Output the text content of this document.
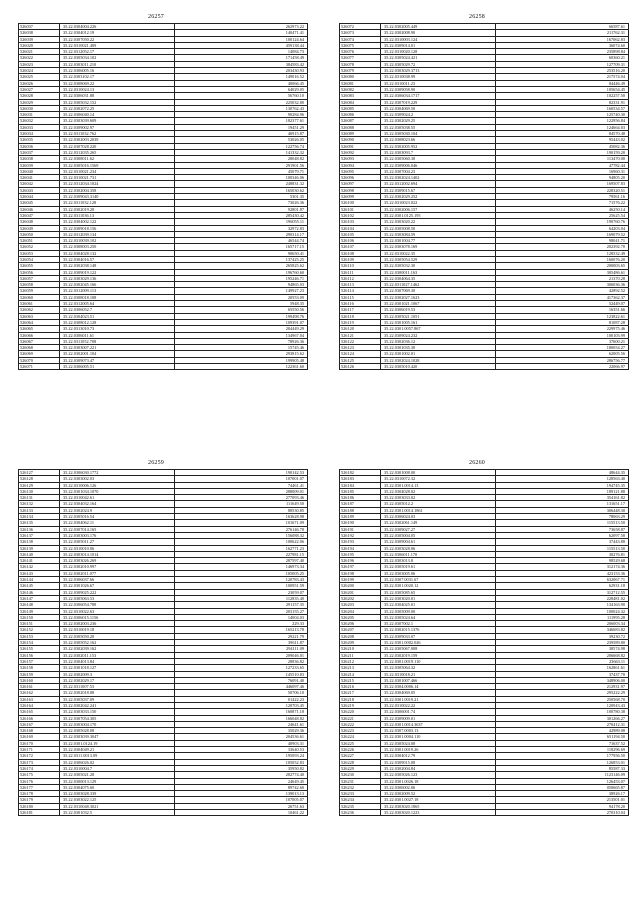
26257
526037	35.22.0304004.226	262973.22
526038	35.22.0304012.19	140471.41
526039	35.22.0307050.22	100124.64
526020	35.22.0310021.409	459138.44
526021	35.22.0312052.17	14084.73
526022	35.22.0305034.102	171458.49
526023	35.22.0303011.210	384583.42
526024	35.22.0306005.16	203430.93
526025	35.22.0303102.17	149016.52
526026	35.22.0308069.22	40066.45
526027	35.22.0310024.13	64029.05
526028	35.22.0306031.88	56760.10
526029	35.22.0305032.152	225032.80
526030	35.22.0302072.25	130762.43
526031	35.22.0306040.14	90284.96
526032	35.22.0303039.609	182377.61
526033	35.22.0309002.97	19451.29
526034	35.22.0311032.762	46915.87
526035	35.22.0302003.2039	53026.05
526036	35.22.0307028.220	122756.74
526037	35.22.0312035.265	141332.32
526038	35.22.0308011.62	28048.82
526039	35.22.0305016.1569	291901.56
526040	35.22.0310021.234	45079.71
526041	35.22.0310021.731	100346.06
526042	35.22.0312034.1024	248831.32
526043	35.22.0302004.358	165030.62
526044	35.22.0309043.3140	5301.35
526045	35.22.0311032.128	73026.36
526046	35.22.0302019.28	92801.87
526047	35.22.0311036.13	285430.42
526048	35.22.0304002.122	196055.11
526049	35.22.0309018.156	32972.83
526050	35.22.0312039.134	290314.17
526051	35.22.0310039.102	46544.74
526052	35.22.0308003.250	165717.15
526053	35.22.0304028.132	90650.41
526054	35.22.0304016.57	137425.25
526055	35.22.0302038.148	265825.62
526056	35.22.0309019.122	196760.60
526057	35.22.0303029.136	195246.71
526058	35.22.0302045.166	94865.03
526059	35.22.0312009.113	149927.23
526060	35.22.0308018.108	20553.09
526061	35.22.0312005.64	5948.35
526062	35.22.0306052.7	65550.56
526063	35.22.0304023.51	199498.76
526064	35.22.0308012.128	109391.07
526065	35.22.0313010.73	204449.29
526066	35.22.0306011.61	134967.04
526067	35.22.0311052.708	78926.36
526068	35.22.0303007.221	15745.46
526069	35.22.0302001.104	293815.62
526070	35.22.0309073.47	199905.48
526071	35.22.0306005.51	122361.60
26258
526072	35.22.0302005.449	66587.61
526073	35.22.0302008.90	211762.31
526074	35.22.0310003.124	167062.83
526075	35.22.0309014.01	36074.60
526076	35.22.0310020.128	235898.84
526077	35.22.0305024.421	60360.21
526078	35.22.0305029.72	127709.31
526079	35.22.0303029.3713	253516.20
526080	35.22.0310038.99	217574.04
526081	35.22.0310011.23	84446.49
526082	35.22.0309058.90	105654.45
526083	35.22.0306034.1717	102257.50
526084	35.22.0307019.229	82331.91
526085	35.22.0304069.50	160534.57
526086	35.22.0309024.2	125740.30
526087	35.22.0302029.25	122956.84
526088	35.22.0305038.55	124664.03
526089	35.22.0305030.104	84570.48
526090	35.22.0308023.66	95443.02
526091	35.22.0302005.952	45082.36
526092	35.22.0303093.7	190159.20
526093	35.22.0305060.30	113470.00
526094	35.22.0309006.046	47782.44
526095	35.22.0307004.23	16960.31
526096	35.22.0302024.1402	94805.20
526097	35.22.0312002.694	169507.83
526098	35.22.0309015.67	228320.51
526099	35.22.0302029.252	79561.16
526100	35.22.0310023.022	71576.22
526101	35.22.0302006.157	46250.14
526102	35.22.0301.0125.195	25625.54
526103	35.22.0303020.22	190760.76
526104	35.22.0305008.50	64203.04
526105	35.22.0303084.59	169079.52
526106	35.22.0301004.77	98041.71
526107	35.22.0303078.169	202392.70
526108	35.22.0310022.35	128532.49
526109	35.22.0305054.529	160076.20
526110	35.22.0305032.30	200003.65
526111	35.22.0300011.163	305486.61
526112	35.22.0304064.35	21370.28
526113	35.22.0311027.1462	306036.36
526114	35.22.0307069.30	42892.52
526115	35.22.0302027.1623	417362.37
526116	35.22.0301021.1067	52449.07
526117	35.22.0306019.53	16351.66
526118	35.22.0305021.1051	123822.61
526119	35.22.0301005.161	81087.28
526120	35.22.0301.0057.867	229975.46
526121	35.22.0309024.232	100103.99
526122	35.22.0302036.12	37600.21
526123	35.22.0301035.30	180054.27
526124	35.22.0301002.01	62005.56
526125	35.22.0302024.1028	286756.77
526126	35.22.0305010.420	22066.97
26259
526127	35.22.0306030.1772	190142.53
526128	35.22.0303002.03	107001.07
526129	35.22.0310006.126	74461.41
526130	35.22.0301034.1070	288009.01
526131	35.22.0310042.61	277093.46
526132	35.22.0304032.164	111649.50
526133	35.22.0302024.9	88530.85
526134	35.22.0305016.54	163628.98
526135	35.22.0304062.11	101671.09
526136	35.22.0307014.165	276146.78
526137	35.22.0303003.176	156088.32
526138	35.22.0305011.27	100622.06
526139	35.22.0310010.06	162771.23
526140	35.22.0303014.1014	227981.15
526141	35.22.0303026.269	287597.40
526142	35.22.0302010.997	146973.34
526143	35.22.0302011.077	105005.25
526144	35.22.0306037.66	120783.43
526145	35.22.0301026.67	100951.59
526146	35.22.0309025.222	23059.07
526147	35.22.0305063.53	112835.40
526148	35.22.0306054.788	291157.35
526149	35.22.0310022.63	203155.27
526150	35.22.0306015.1156	14004.03
526151	35.22.0302003.236	229.33
526152	35.22.0310019.18	165213.78
526153	35.22.0305050.20	29221.79
526154	35.22.0305052.162	39611.87
526155	35.22.0302039.162	294111.09
526156	35.22.0302011.153	209046.01
526157	35.22.0304013.84	28836.82
526158	35.22.0301018.127	127233.65
526159	35.22.0302009.3	145510.83
526160	35.22.0302029.17	76091.40
526161	35.22.0311007.53	446097.46
526162	35.22.0302018.08	50706.10
526163	35.22.0305037.09	01422.23
526164	35.22.0302042.241	120703.45
526165	35.22.0303033.150	160871.18
526166	35.22.0307054.305	166048.82
526167	35.22.0303004.170	24641.61
526168	35.22.0305028.08	35029.36
526169	35.22.0303039.3047	204536.61
526170	35.22.0301.0124.19	40903.31
526171	35.22.0304049.21	33640.53
526172	35.22.0311.0013.09	195093.24
526173	35.22.0306026.02	105052.83
526174	35.22.0310004.7	35950.82
526175	35.22.0305021.28	282774.40
526176	35.22.0300013.129	24649.45
526177	35.22.0304075.60	89742.60
526178	35.22.0303028.339	139013.13
526179	35.22.0303022.125	107005.07
526180	35.22.0310048.3021	26751.63
526181	35.22.0301032.5	10461.22
26260
526182	35.22.0301008.00	48644.35
526183	35.22.0310072.32	128563.40
526184	35.22.0301.0014.13	194745.35
526185	35.22.0304028.02	189121.88
526186	35.22.0303033.02	354161.82
526187	35.22.0305012.2	131651.17
526188	35.22.0301.0014.1861	306448.30
526189	35.22.0306024.03	78063.29
526190	35.22.0302061.149	115513.50
526191	35.22.0309027.27	73658.87
526192	35.22.0305004.05	62097.58
526193	35.22.0309004.61	37443.88
526194	35.22.0303028.06	115513.50
526195	35.22.0306011.170	30276.81
526196	35.22.0303013.8	98529.68
526197	35.22.0305019.61	312174.36
526198	35.22.0303005.06	423153.36
526199	35.22.0307.0031.67	632067.71
526200	35.22.0301.0020.12	62931.18
526201	35.22.0305085.65	312712.55
526202	35.22.0303020.01	228481.02
526203	35.22.0304025.01	134163.90
526204	35.22.0305009.00	100024.32
526205	35.22.0305024.64	111995.28
526206	35.22.0307002.1	206003.34
526207	35.22.0302015.1376	346683.82
526208	35.22.0309033.07	39230.72
526209	35.22.0301.0002.026	239589.80
526210	35.22.0305067.008	38574.98
526211	35.22.0302019.159	206668.82
526212	35.22.0301.0019.110	23663.11
526213	35.22.0305064.32	162861.61
526214	35.22.0310018.21	37437.78
526215	35.22.0301007.466	348906.00
526216	35.22.0304.0006.14	212931.97
526217	35.22.0304069.05	295222.29
526218	35.22.0301.0019.21	250568.70
526219	35.22.0310022.22	120943.43
526220	35.22.0306001.74	100780.38
526221	35.22.0309009.01	301266.27
526222	35.22.0301.0014.3637	270412.31
526223	35.22.0307.0003.13	42989.08
526224	35.22.0301.0004.110	651194.50
526225	35.22.0305024.08	71637.52
526226	35.22.0301.0019.26	118296.69
526227	35.22.0304012.79	177956.50
526228	35.22.0309015.08	126853.01
526229	35.22.0302004.84	85587.33
526230	35.22.0305026.123	1123146.09
526231	35.22.0301.0026.18	126453.07
526232	35.22.0306002.06	050665.87
526233	35.22.0302009.52	38926.17
526234	35.22.0301.0027.18	213501.01
526235	35.22.0303020.1865	94178.20
526236	35.22.0303020.1223	270310.04
